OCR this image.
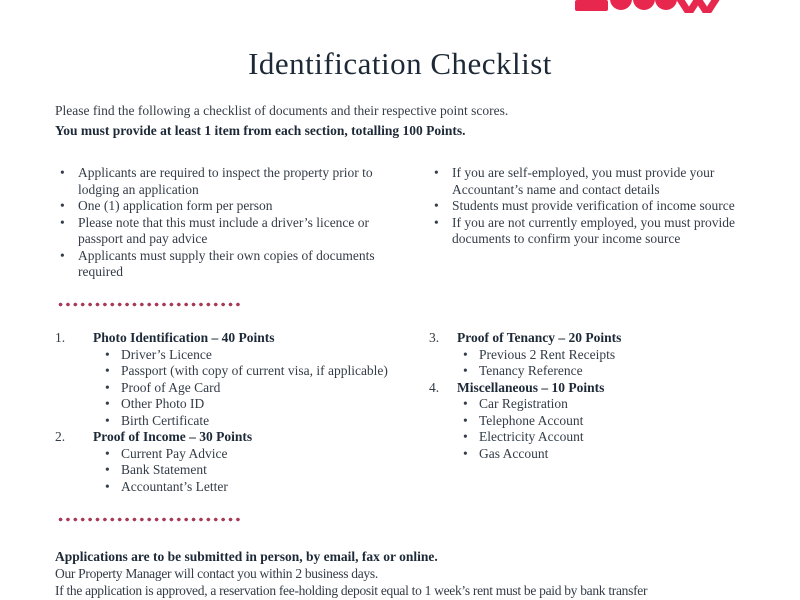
Identification Checklist

Please find the following a checklist of documents and their respective point scores.

You must provide at least 1 item from each section, totalling 100 Points.

• Applicants are required to inspect the property prior to lodging an application
• One (1) application form per person
• Please note that this must include a driver’s licence or passport and pay advice
• Applicants must supply their own copies of documents required
• If you are self-employed, you must provide your Accountant’s name and contact details
• Students must provide verification of income source
• If you are not currently employed, you must provide documents to confirm your income source
1.	Photo Identification – 40 Points
• Driver’s Licence
• Passport (with copy of current visa, if applicable)
• Proof of Age Card
• Other Photo ID
• Birth Certificate
2.	Proof of Income – 30 Points
• Current Pay Advice
• Bank Statement
• Accountant’s Letter
3.	Proof of Tenancy – 20 Points
• Previous 2 Rent Receipts
• Tenancy Reference
4.	Miscellaneous – 10 Points
• Car Registration
• Telephone Account
• Electricity Account
• Gas Account

Applications are to be submitted in person, by email, fax or online.

Our Property Manager will contact you within 2 business days.

If the application is approved, a reservation fee-holding deposit equal to 1 week’s rent must be paid by bank transfer
